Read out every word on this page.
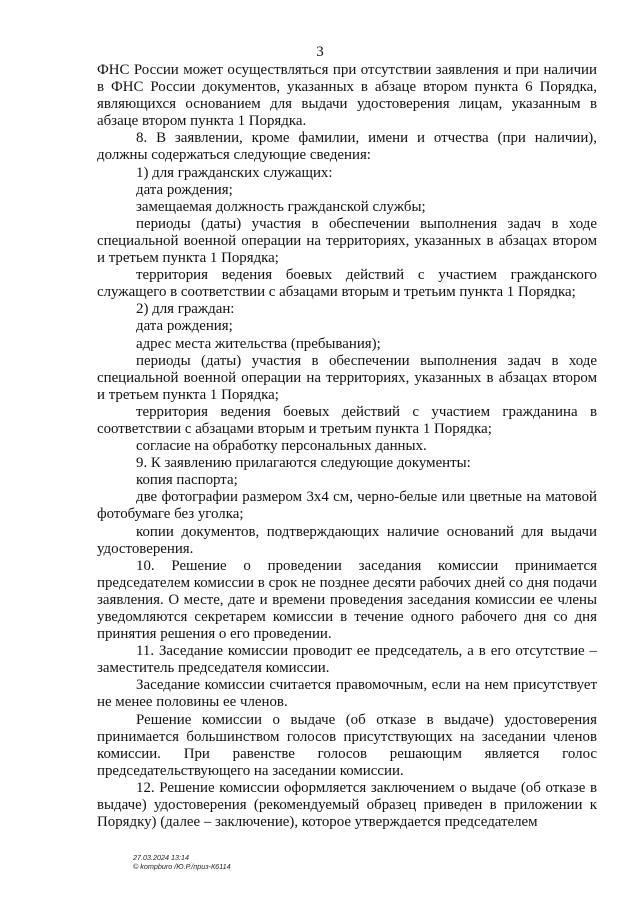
3

ФНС России может осуществляться при отсутствии заявления и при наличии в ФНС России документов, указанных в абзаце втором пункта 6 Порядка, являющихся основанием для выдачи удостоверения лицам, указанным в абзаце втором пункта 1 Порядка.

8. В заявлении, кроме фамилии, имени и отчества (при наличии), должны содержаться следующие сведения:

1) для гражданских служащих:

дата рождения;

замещаемая должность гражданской службы;

периоды (даты) участия в обеспечении выполнения задач в ходе специальной военной операции на территориях, указанных в абзацах втором и третьем пункта 1 Порядка;

территория ведения боевых действий с участием гражданского служащего в соответствии с абзацами вторым и третьим пункта 1 Порядка;

2) для граждан:

дата рождения;

адрес места жительства (пребывания);

периоды (даты) участия в обеспечении выполнения задач в ходе специальной военной операции на территориях, указанных в абзацах втором и третьем пункта 1 Порядка;

территория ведения боевых действий с участием гражданина в соответствии с абзацами вторым и третьим пункта 1 Порядка;

согласие на обработку персональных данных.

9. К заявлению прилагаются следующие документы:

копия паспорта;

две фотографии размером 3x4 см, черно-белые или цветные на матовой фотобумаге без уголка;

копии документов, подтверждающих наличие оснований для выдачи удостоверения.

10. Решение о проведении заседания комиссии принимается председателем комиссии в срок не позднее десяти рабочих дней со дня подачи заявления. О месте, дате и времени проведения заседания комиссии ее члены уведомляются секретарем комиссии в течение одного рабочего дня со дня принятия решения о его проведении.

11. Заседание комиссии проводит ее председатель, а в его отсутствие – заместитель председателя комиссии.

Заседание комиссии считается правомочным, если на нем присутствует не менее половины ее членов.

Решение комиссии о выдаче (об отказе в выдаче) удостоверения принимается большинством голосов присутствующих на заседании членов комиссии. При равенстве голосов решающим является голос председательствующего на заседании комиссии.

12. Решение комиссии оформляется заключением о выдаче (об отказе в выдаче) удостоверения (рекомендуемый образец приведен в приложении к Порядку) (далее – заключение), которое утверждается председателем

27.03.2024 13:14
© kompburo /Ю.Р./приз-К6114
